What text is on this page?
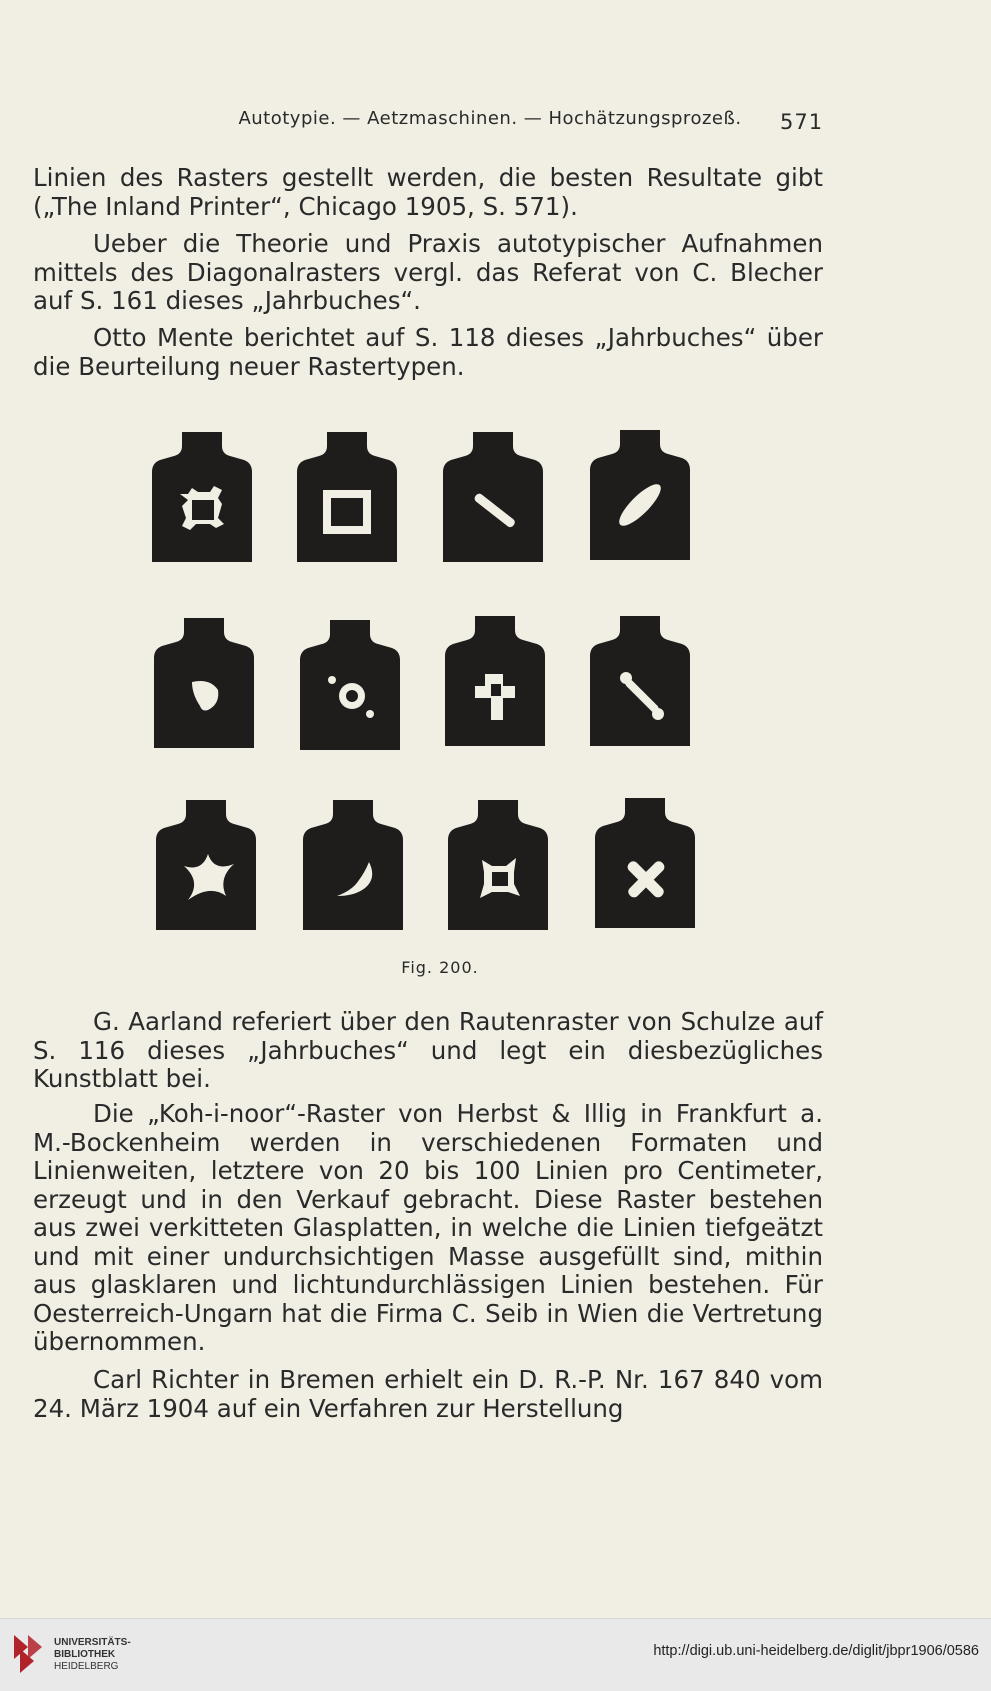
Autotypie. — Aetzmaschinen. — Hochätzungsprozeß.	571

Linien des Rasters gestellt werden, die besten Resultate gibt („The Inland Printer“, Chicago 1905, S. 571).

Ueber die Theorie und Praxis autotypischer Aufnahmen mittels des Diagonalrasters vergl. das Referat von C. Blecher auf S. 161 dieses „Jahrbuches“.

Otto Mente berichtet auf S. 118 dieses „Jahrbuches“ über die Beurteilung neuer Rastertypen.

Fig. 200.

G. Aarland referiert über den Rautenraster von Schulze auf S. 116 dieses „Jahrbuches“ und legt ein diesbezügliches Kunstblatt bei.

Die „Koh-i-noor“-Raster von Herbst & Illig in Frankfurt a. M.-Bockenheim werden in verschiedenen Formaten und Linienweiten, letztere von 20 bis 100 Linien pro Centimeter, erzeugt und in den Verkauf gebracht. Diese Raster bestehen aus zwei verkitteten Glasplatten, in welche die Linien tiefgeätzt und mit einer undurchsichtigen Masse ausgefüllt sind, mithin aus glasklaren und lichtundurchlässigen Linien bestehen. Für Oesterreich-Ungarn hat die Firma C. Seib in Wien die Vertretung übernommen.

Carl Richter in Bremen erhielt ein D. R.-P. Nr. 167 840 vom 24. März 1904 auf ein Verfahren zur Herstellung

UNIVERSITÄTS-
BIBLIOTHEK
HEIDELBERG
http://digi.ub.uni-heidelberg.de/diglit/jbpr1906/0586
